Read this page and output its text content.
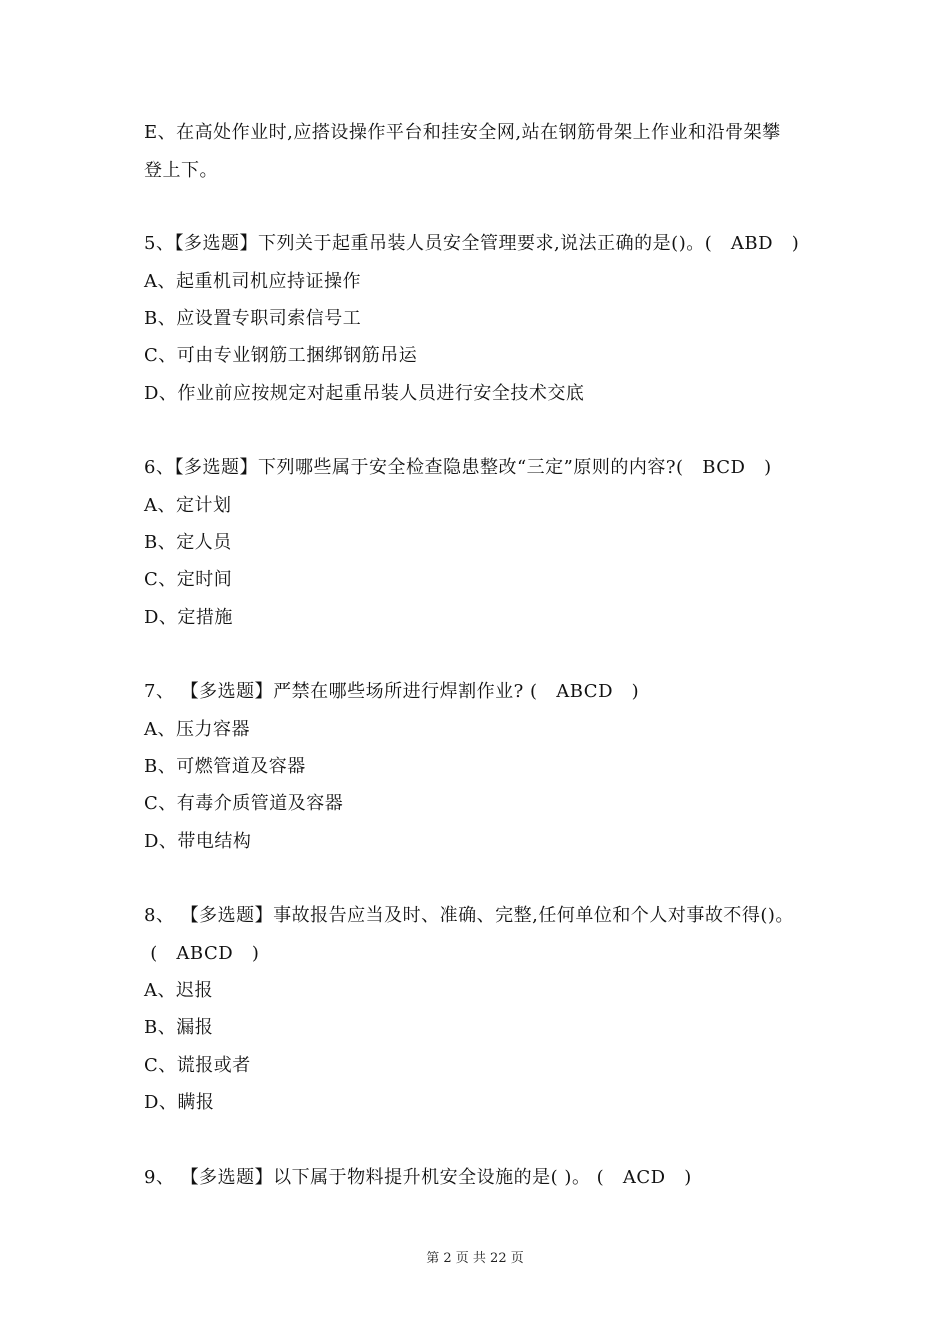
E、在高处作业时,应搭设操作平台和挂安全网,站在钢筋骨架上作业和沿骨架攀
登上下。
5、【多选题】下列关于起重吊装人员安全管理要求,说法正确的是()。(   ABD   )
A、起重机司机应持证操作
B、应设置专职司索信号工
C、可由专业钢筋工捆绑钢筋吊运
D、作业前应按规定对起重吊装人员进行安全技术交底
6、【多选题】下列哪些属于安全检查隐患整改“三定”原则的内容?(   BCD   )
A、定计划
B、定人员
C、定时间
D、定措施
7、 【多选题】严禁在哪些场所进行焊割作业? (   ABCD   )
A、压力容器
B、可燃管道及容器
C、有毒介质管道及容器
D、带电结构
8、 【多选题】事故报告应当及时、准确、完整,任何单位和个人对事故不得()。
(   ABCD   )
A、迟报
B、漏报
C、谎报或者
D、瞒报
9、 【多选题】以下属于物料提升机安全设施的是( )。 (   ACD   )
第 2 页 共 22 页
